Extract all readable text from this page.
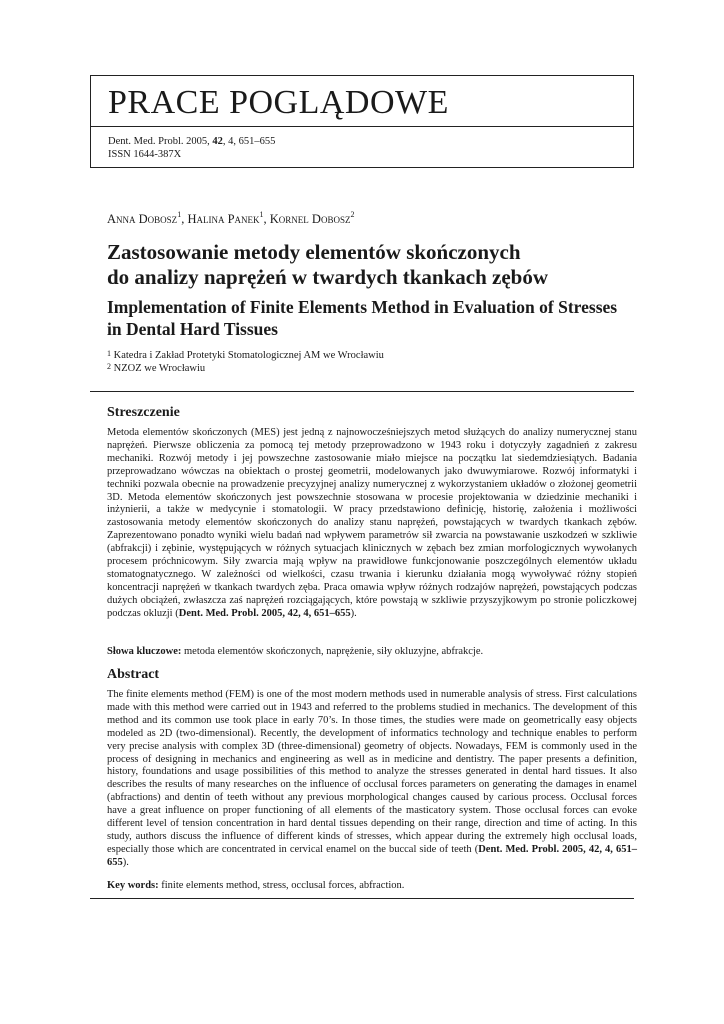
PRACE POGLĄDOWE
Dent. Med. Probl. 2005, 42, 4, 651–655
ISSN 1644-387X
Anna Dobosz$^1$, Halina Panek$^1$, Kornel Dobosz$^2$
Zastosowanie metody elementów skończonych
do analizy naprężeń w twardych tkankach zębów
Implementation of Finite Elements Method in Evaluation of Stresses
in Dental Hard Tissues
$^1$ Katedra i Zakład Protetyki Stomatologicznej AM we Wrocławiu
$^2$ NZOZ we Wrocławiu
Streszczenie
Metoda elementów skończonych (MES) jest jedną z najnowocześniejszych metod służących do analizy numerycznej stanu naprężeń. Pierwsze obliczenia za pomocą tej metody przeprowadzono w 1943 roku i dotyczyły zagadnień z zakresu mechaniki. Rozwój metody i jej powszechne zastosowanie miało miejsce na początku lat siedemdziesiątych. Badania przeprowadzano wówczas na obiektach o prostej geometrii, modelowanych jako dwuwymiarowe. Rozwój informatyki i techniki pozwala obecnie na prowadzenie precyzyjnej analizy numerycznej z wykorzystaniem układów o złożonej geometrii 3D. Metoda elementów skończonych jest powszechnie stosowana w procesie projektowania w dziedzinie mechaniki i inżynierii, a także w medycynie i stomatologii. W pracy przedstawiono definicję, historię, założenia i możliwości zastosowania metody elementów skończonych do analizy stanu naprężeń, powstających w twardych tkankach zębów. Zaprezentowano ponadto wyniki wielu badań nad wpływem parametrów sił zwarcia na powstawanie uszkodzeń w szkliwie (abfrakcji) i zębinie, występujących w różnych sytuacjach klinicznych w zębach bez zmian morfologicznych wywołanych procesem próchnicowym. Siły zwarcia mają wpływ na prawidłowe funkcjonowanie poszczególnych elementów układu stomatognatycznego. W zależności od wielkości, czasu trwania i kierunku działania mogą wywoływać różny stopień koncentracji naprężeń w tkankach twardych zęba. Praca omawia wpływ różnych rodzajów naprężeń, powstających podczas dużych obciążeń, zwłaszcza zaś naprężeń rozciągających, które powstają w szkliwie przyszyjkowym po stronie policzkowej podczas okluzji (Dent. Med. Probl. 2005, 42, 4, 651–655).
Słowa kluczowe: metoda elementów skończonych, naprężenie, siły okluzyjne, abfrakcje.
Abstract
The finite elements method (FEM) is one of the most modern methods used in numerable analysis of stress. First calculations made with this method were carried out in 1943 and referred to the problems studied in mechanics. The development of this method and its common use took place in early 70’s. In those times, the studies were made on geometrically easy objects modeled as 2D (two-dimensional). Recently, the development of informatics technology and technique enables to perform very precise analysis with complex 3D (three-dimensional) geometry of objects. Nowadays, FEM is commonly used in the process of designing in mechanics and engineering as well as in medicine and dentistry. The paper presents a definition, history, foundations and usage possibilities of this method to analyze the stresses generated in dental hard tissues. It also describes the results of many researches on the influence of occlusal forces parameters on generating the damages in enamel (abfractions) and dentin of teeth without any previous morphological changes caused by carious process. Occlusal forces have a great influence on proper functioning of all elements of the masticatory system. Those occlusal forces can evoke different level of tension concentration in hard dental tissues depending on their range, direction and time of acting. In this study, authors discuss the influence of different kinds of stresses, which appear during the extremely high occlusal loads, especially those which are concentrated in cervical enamel on the buccal side of teeth (Dent. Med. Probl. 2005, 42, 4, 651–655).
Key words: finite elements method, stress, occlusal forces, abfraction.
